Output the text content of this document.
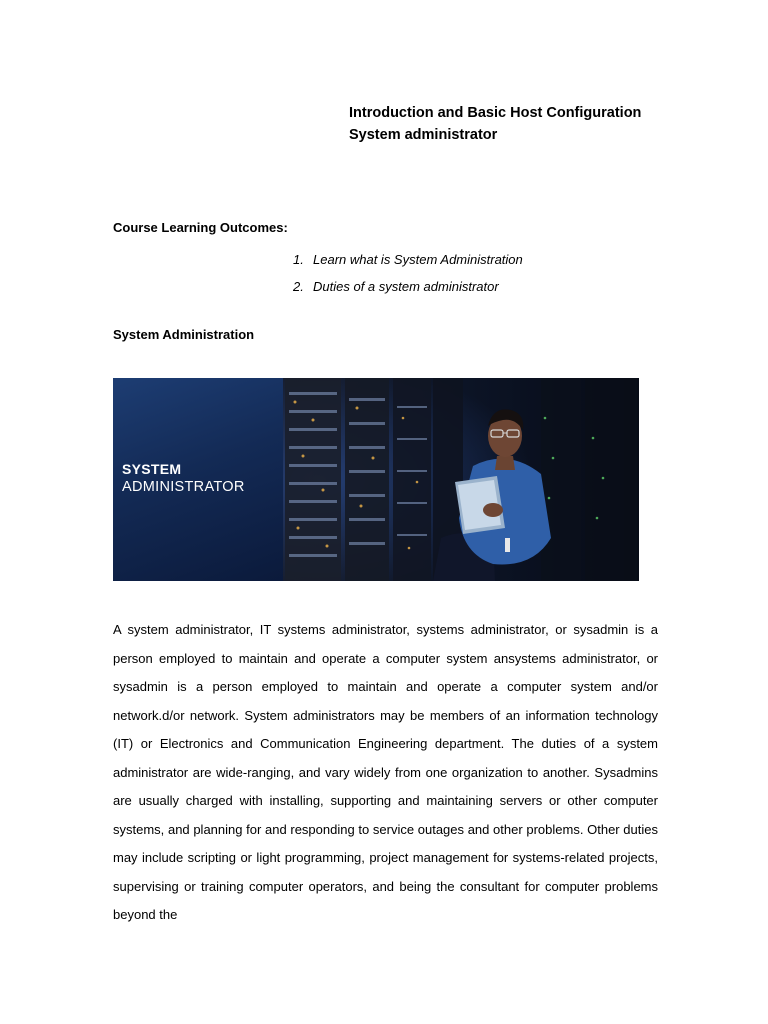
Introduction and Basic Host Configuration
System administrator
Course Learning Outcomes:
1. Learn what is System Administration
2. Duties of a system administrator
System Administration
SYSTEM
ADMINISTRATOR

A system administrator, IT systems administrator, systems administrator, or sysadmin is a person employed to maintain and operate a computer system ansystems administrator, or sysadmin is a person employed to maintain and operate a computer system and/or network.d/or network. System administrators may be members of an information technology (IT) or Electronics and Communication Engineering department. The duties of a system administrator are wide-ranging, and vary widely from one organization to another. Sysadmins are usually charged with installing, supporting and maintaining servers or other computer systems, and planning for and responding to service outages and other problems. Other duties may include scripting or light programming, project management for systems-related projects, supervising or training computer operators, and being the consultant for computer problems beyond the
